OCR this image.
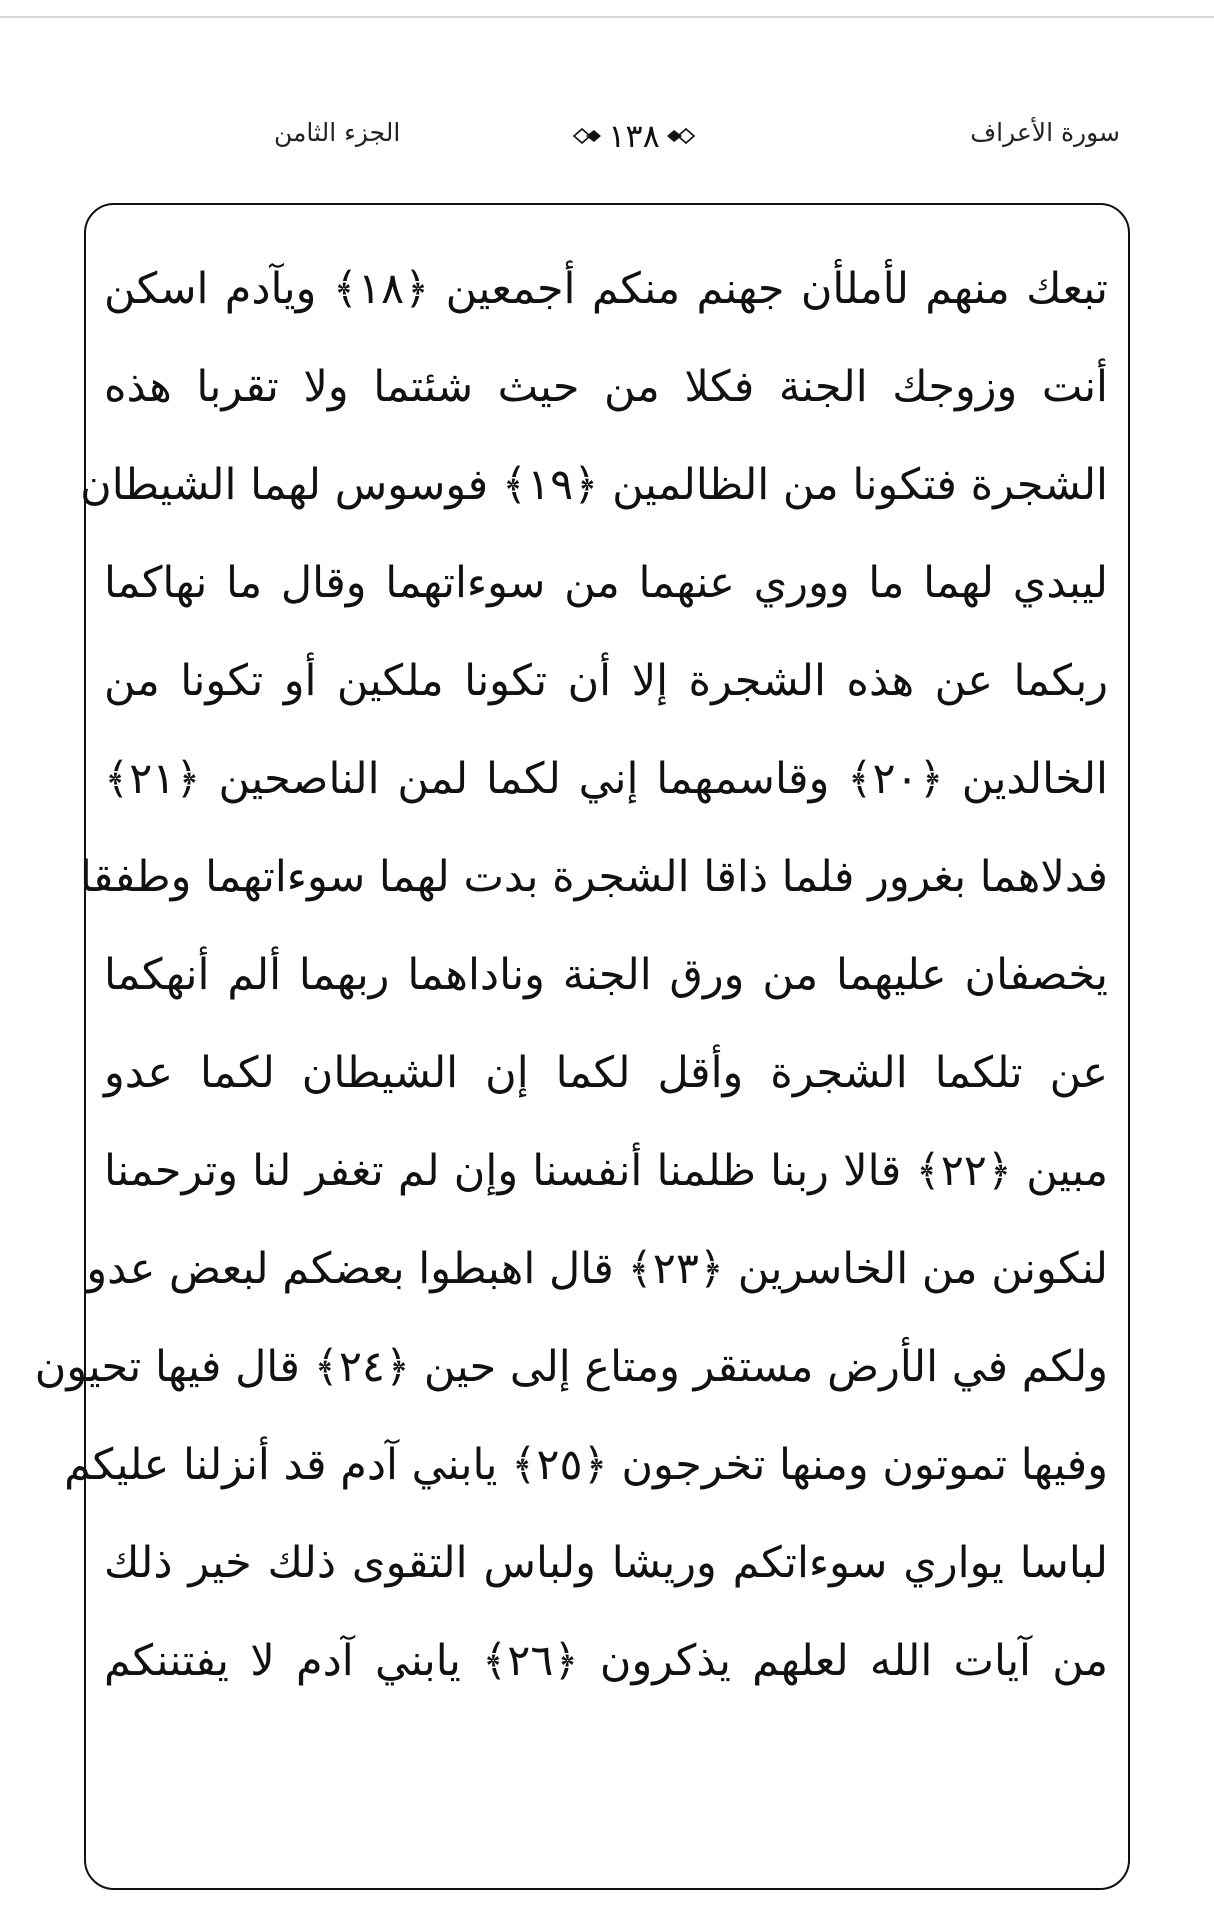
الجزء الثامن	١٣٨	سورة الأعراف
تبعك منهم لأملأن جهنم منكم أجمعين ﴿١٨﴾ ويآدم اسكن
أنت وزوجك الجنة فكلا من حيث شئتما ولا تقربا هذه
الشجرة فتكونا من الظالمين ﴿١٩﴾ فوسوس لهما الشيطان
ليبدي لهما ما ووري عنهما من سوءاتهما وقال ما نهاكما
ربكما عن هذه الشجرة إلا أن تكونا ملكين أو تكونا من
الخالدين ﴿٢٠﴾ وقاسمهما إني لكما لمن الناصحين ﴿٢١﴾
فدلاهما بغرور فلما ذاقا الشجرة بدت لهما سوءاتهما وطفقا
يخصفان عليهما من ورق الجنة وناداهما ربهما ألم أنهكما
عن تلكما الشجرة وأقل لكما إن الشيطان لكما عدو
مبين ﴿٢٢﴾ قالا ربنا ظلمنا أنفسنا وإن لم تغفر لنا وترحمنا
لنكونن من الخاسرين ﴿٢٣﴾ قال اهبطوا بعضكم لبعض عدو
ولكم في الأرض مستقر ومتاع إلى حين ﴿٢٤﴾ قال فيها تحيون
وفيها تموتون ومنها تخرجون ﴿٢٥﴾ يابني آدم قد أنزلنا عليكم
لباسا يواري سوءاتكم وريشا ولباس التقوى ذلك خير ذلك
من آيات الله لعلهم يذكرون ﴿٢٦﴾ يابني آدم لا يفتننكم
